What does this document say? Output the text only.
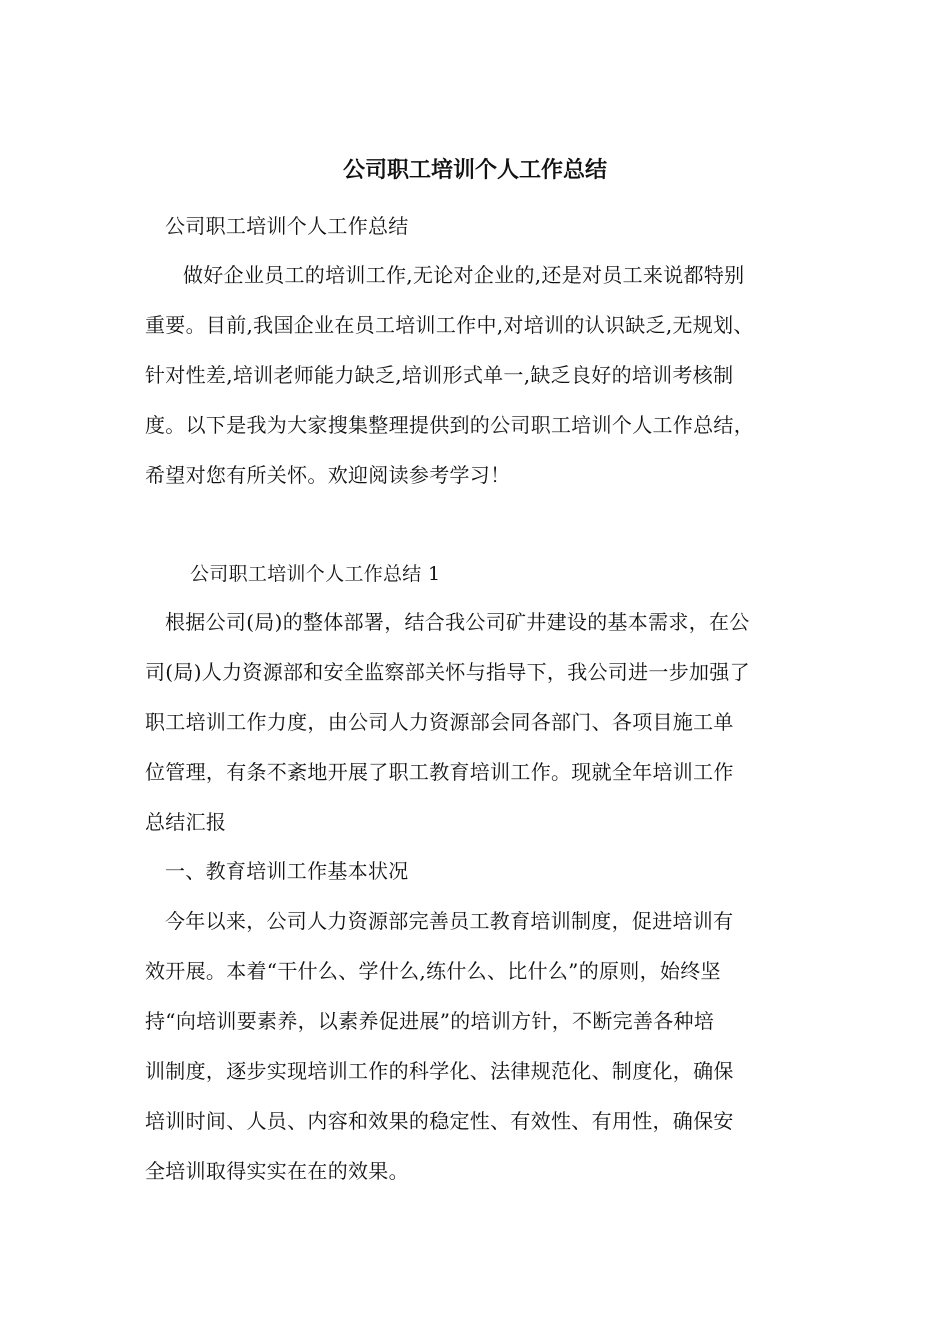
公司职工培训个人工作总结
公司职工培训个人工作总结
做好企业员工的培训工作,无论对企业的,还是对员工来说都特别
重要。目前,我国企业在员工培训工作中,对培训的认识缺乏,无规划、
针对性差,培训老师能力缺乏,培训形式单一,缺乏良好的培训考核制
度。以下是我为大家搜集整理提供到的公司职工培训个人工作总结，
希望对您有所关怀。欢迎阅读参考学习！
公司职工培训个人工作总结 1
根据公司(局)的整体部署，结合我公司矿井建设的基本需求，在公
司(局)人力资源部和安全监察部关怀与指导下，我公司进一步加强了
职工培训工作力度，由公司人力资源部会同各部门、各项目施工单
位管理，有条不紊地开展了职工教育培训工作。现就全年培训工作
总结汇报
一、教育培训工作基本状况
今年以来，公司人力资源部完善员工教育培训制度，促进培训有
效开展。本着“干什么、学什么,练什么、比什么”的原则，始终坚
持“向培训要素养，以素养促进展”的培训方针，不断完善各种培
训制度，逐步实现培训工作的科学化、法律规范化、制度化，确保
培训时间、人员、内容和效果的稳定性、有效性、有用性，确保安
全培训取得实实在在的效果。
